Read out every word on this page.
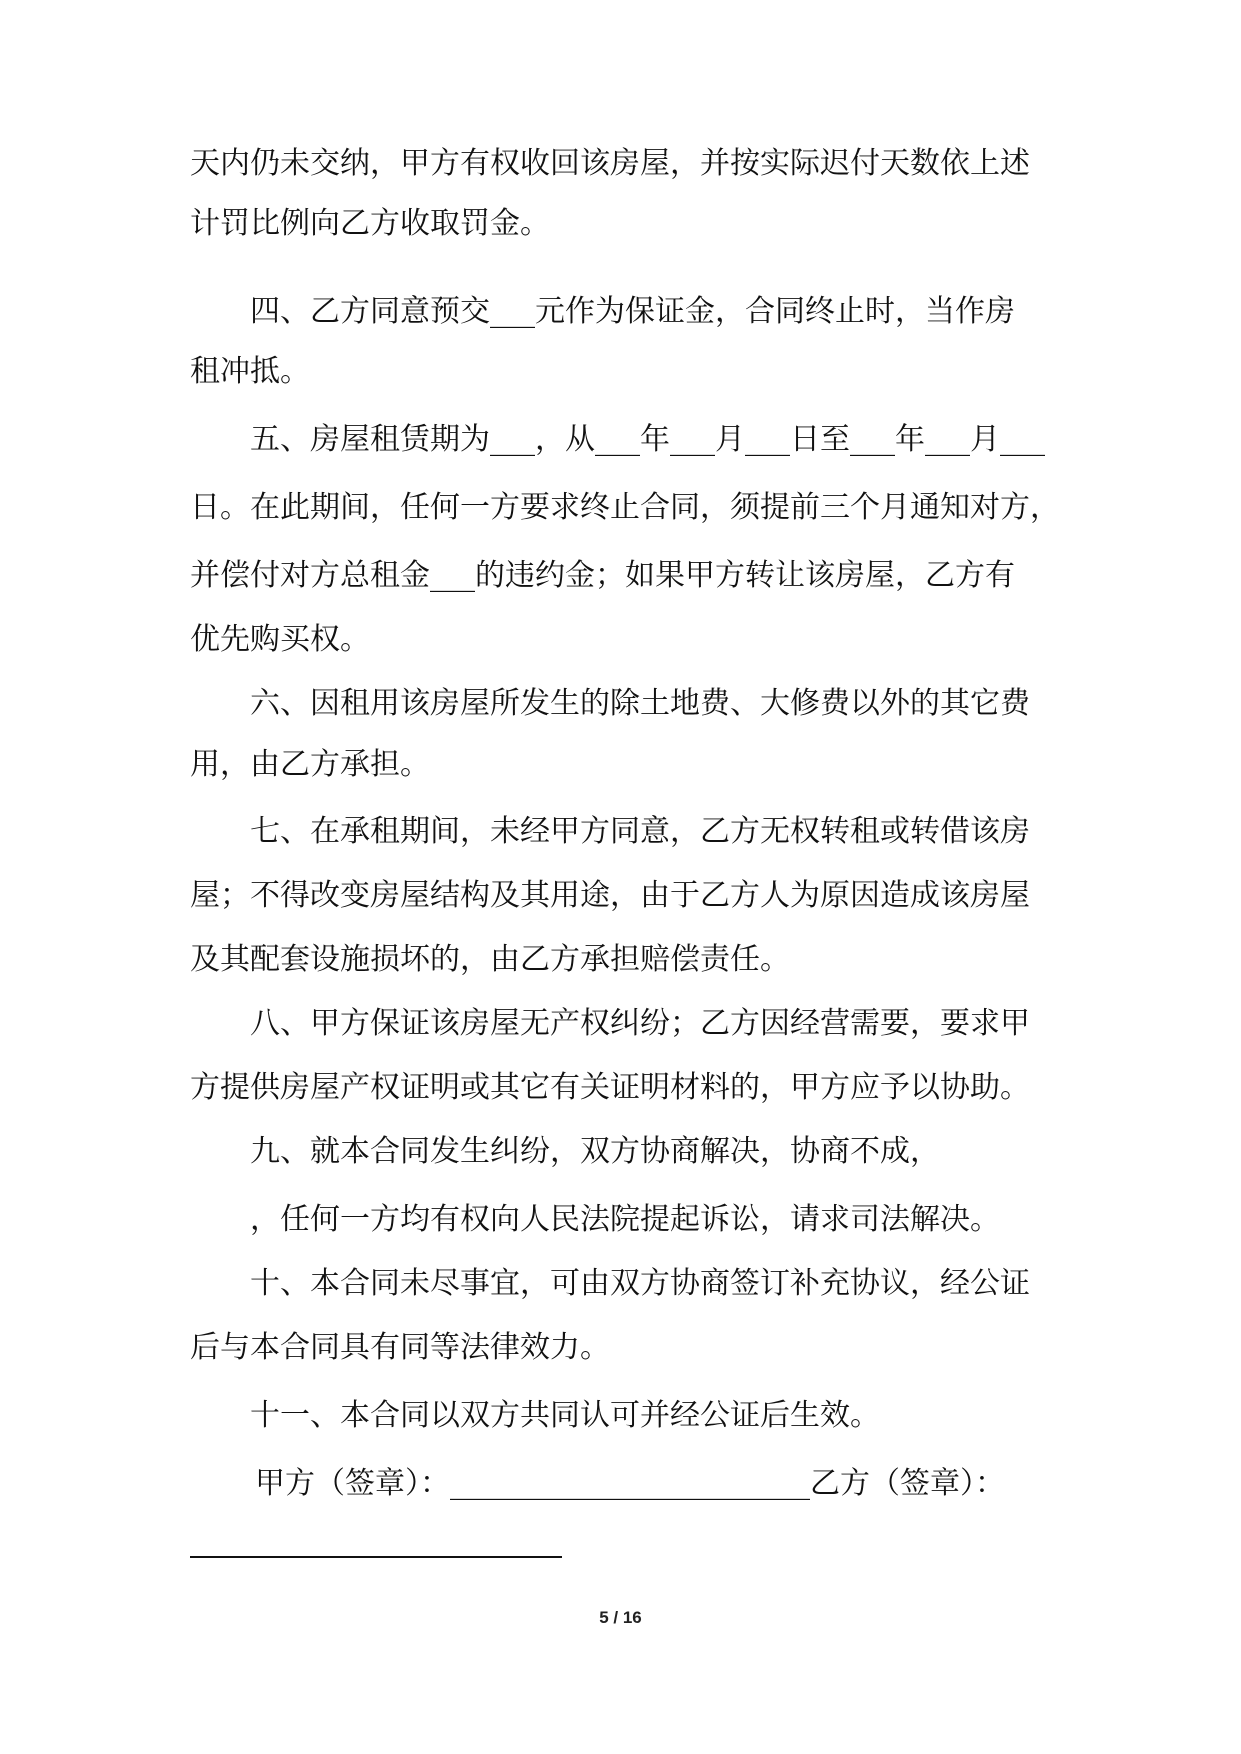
天内仍未交纳，甲方有权收回该房屋，并按实际迟付天数依上述
计罚比例向乙方收取罚金。
四、乙方同意预交___元作为保证金，合同终止时，当作房
租冲抵。
五、房屋租赁期为___，从___年___月___日至___年___月___
日。在此期间，任何一方要求终止合同，须提前三个月通知对方，
并偿付对方总租金___的违约金；如果甲方转让该房屋，乙方有
优先购买权。
六、因租用该房屋所发生的除土地费、大修费以外的其它费
用，由乙方承担。
七、在承租期间，未经甲方同意，乙方无权转租或转借该房
屋；不得改变房屋结构及其用途，由于乙方人为原因造成该房屋
及其配套设施损坏的，由乙方承担赔偿责任。
八、甲方保证该房屋无产权纠纷；乙方因经营需要，要求甲
方提供房屋产权证明或其它有关证明材料的，甲方应予以协助。
九、就本合同发生纠纷，双方协商解决，协商不成，
，任何一方均有权向人民法院提起诉讼，请求司法解决。
十、本合同未尽事宜，可由双方协商签订补充协议，经公证
后与本合同具有同等法律效力。
十一、本合同以双方共同认可并经公证后生效。
甲方（签章）：________________________乙方（签章）：
5 / 16
